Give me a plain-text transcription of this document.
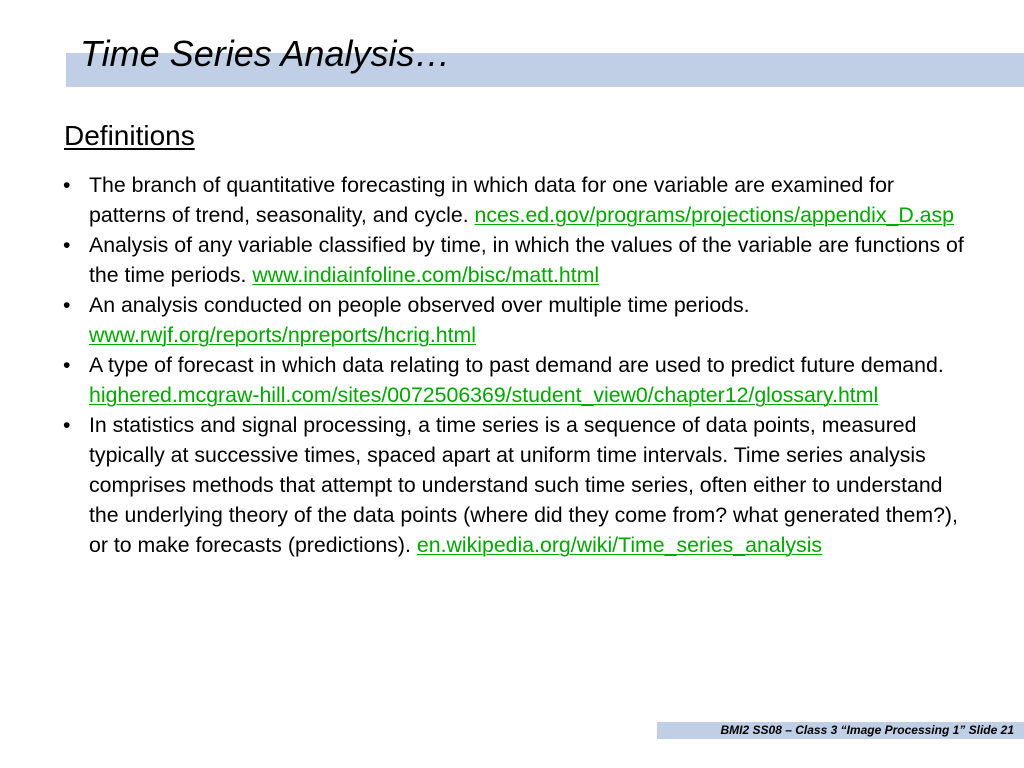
Time Series Analysis…
Definitions
• The branch of quantitative forecasting in which data for one variable are examined for patterns of trend, seasonality, and cycle. nces.ed.gov/programs/projections/appendix_D.asp
• Analysis of any variable classified by time, in which the values of the variable are functions of the time periods. www.indiainfoline.com/bisc/matt.html
• An analysis conducted on people observed over multiple time periods. www.rwjf.org/reports/npreports/hcrig.html
• A type of forecast in which data relating to past demand are used to predict future demand. highered.mcgraw-hill.com/sites/0072506369/student_view0/chapter12/glossary.html
• In statistics and signal processing, a time series is a sequence of data points, measured typically at successive times, spaced apart at uniform time intervals. Time series analysis comprises methods that attempt to understand such time series, often either to understand the underlying theory of the data points (where did they come from? what generated them?), or to make forecasts (predictions). en.wikipedia.org/wiki/Time_series_analysis

BMI2 SS08 – Class 3 “Image Processing 1” Slide 21
